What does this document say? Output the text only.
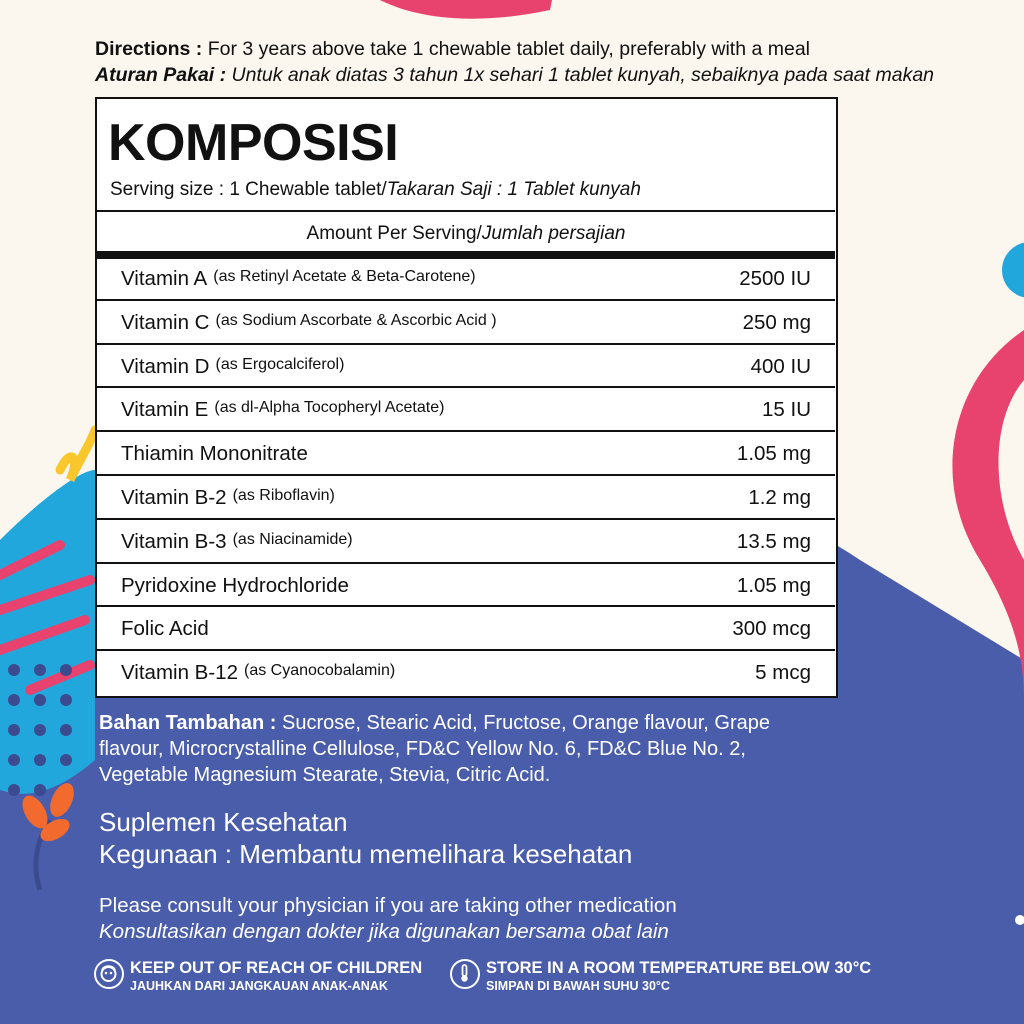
Directions : For 3 years above take 1 chewable tablet daily, preferably with a meal
Aturan Pakai : Untuk anak diatas 3 tahun 1x sehari 1 tablet kunyah, sebaiknya pada saat makan
KOMPOSISI
Serving size : 1 Chewable tablet/Takaran Saji : 1 Tablet kunyah
Amount Per Serving/Jumlah persajian
Vitamin A (as Retinyl Acetate & Beta-Carotene)	2500 IU
Vitamin C (as Sodium Ascorbate & Ascorbic Acid )	250 mg
Vitamin D (as Ergocalciferol)	400 IU
Vitamin E (as dl-Alpha Tocopheryl Acetate)	15 IU
Thiamin Mononitrate	1.05 mg
Vitamin B-2 (as Riboflavin)	1.2 mg
Vitamin B-3 (as Niacinamide)	13.5 mg
Pyridoxine Hydrochloride	1.05 mg
Folic Acid	300 mcg
Vitamin B-12 (as Cyanocobalamin)	5 mcg
Bahan Tambahan : Sucrose, Stearic Acid, Fructose, Orange flavour, Grape flavour, Microcrystalline Cellulose, FD&C Yellow No. 6, FD&C Blue No. 2, Vegetable Magnesium Stearate, Stevia, Citric Acid.
Suplemen Kesehatan
Kegunaan : Membantu memelihara kesehatan
Please consult your physician if you are taking other medication
Konsultasikan dengan dokter jika digunakan bersama obat lain
KEEP OUT OF REACH OF CHILDREN
JAUHKAN DARI JANGKAUAN ANAK-ANAK
STORE IN A ROOM TEMPERATURE BELOW 30°C
SIMPAN DI BAWAH SUHU 30°C
